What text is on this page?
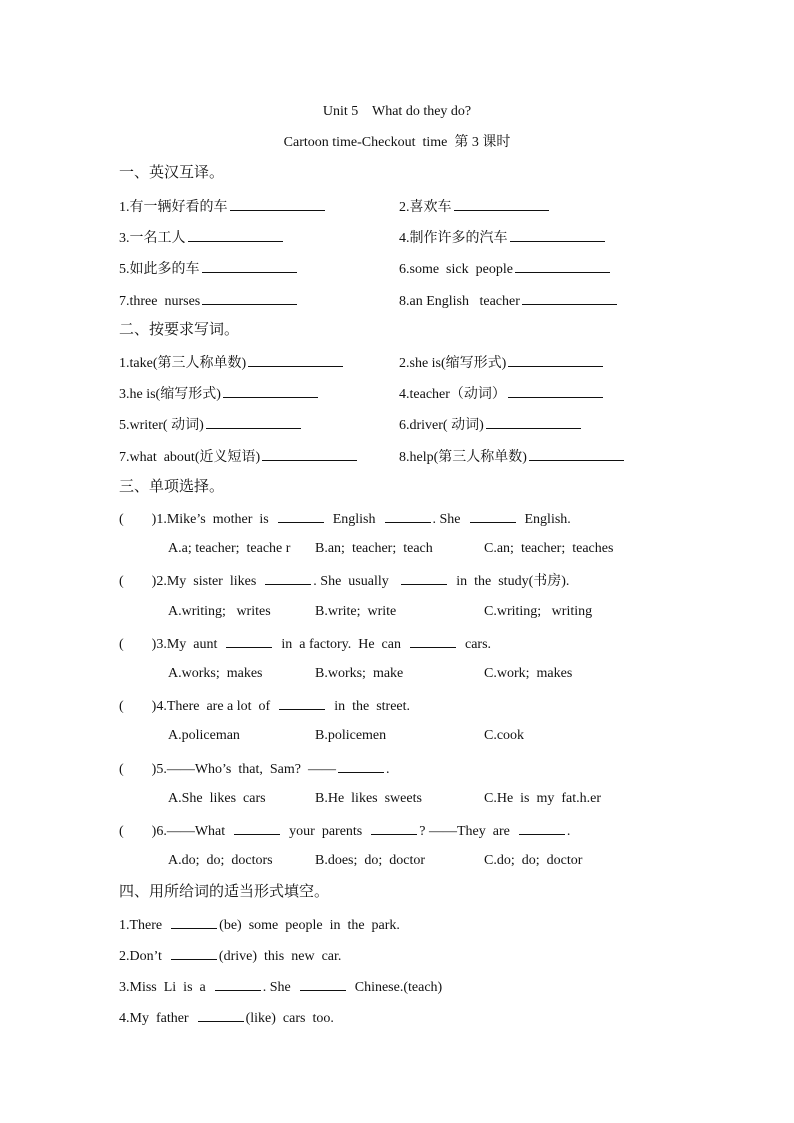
Unit 5    What do they do?
Cartoon time-Checkout  time  第 3 课时
一、英汉互译。
1.有一辆好看的车	2.喜欢车
3.一名工人	4.制作许多的汽车
5.如此多的车	6.some  sick  people
7.three  nurses	8.an English   teacher
二、按要求写词。
1.take(第三人称单数)	2.she is(缩写形式)
3.he is(缩写形式)	4.teacher（动词）
5.writer( 动词)	6.driver( 动词)
7.what  about(近义短语)	8.help(第三人称单数)
三、单项选择。
(        )1.Mike’s  mother  is	English	. She	English.
A.a; teacher;  teache r B.an;  teacher;  teach	C.an;  teacher;  teaches
(        )2.My  sister  likes	. She  usually	in  the  study(书房).
A.writing;   writes	B.write;  write	C.writing;   writing
(        )3.My  aunt	in  a factory.  He  can	cars.
A.works;  makes	B.works;  make	C.work;  makes
(        )4.There  are a lot  of	in  the  street.
A.policeman	B.policemen	C.cook
(        )5.——Who’s  that,  Sam?  ——	.
A.She  likes  cars	B.He  likes  sweets	C.He  is  my  fat.h.er
(        )6.——What	your  parents	? ——They  are	.
A.do;  do;  doctors	B.does;  do;  doctor	C.do;  do;  doctor
四、用所给词的适当形式填空。
1.There	(be)  some  people  in  the  park.
2.Don’t	(drive)  this  new  car.
3.Miss  Li  is  a	. She	Chinese.(teach)
4.My  father	(like)  cars  too.
